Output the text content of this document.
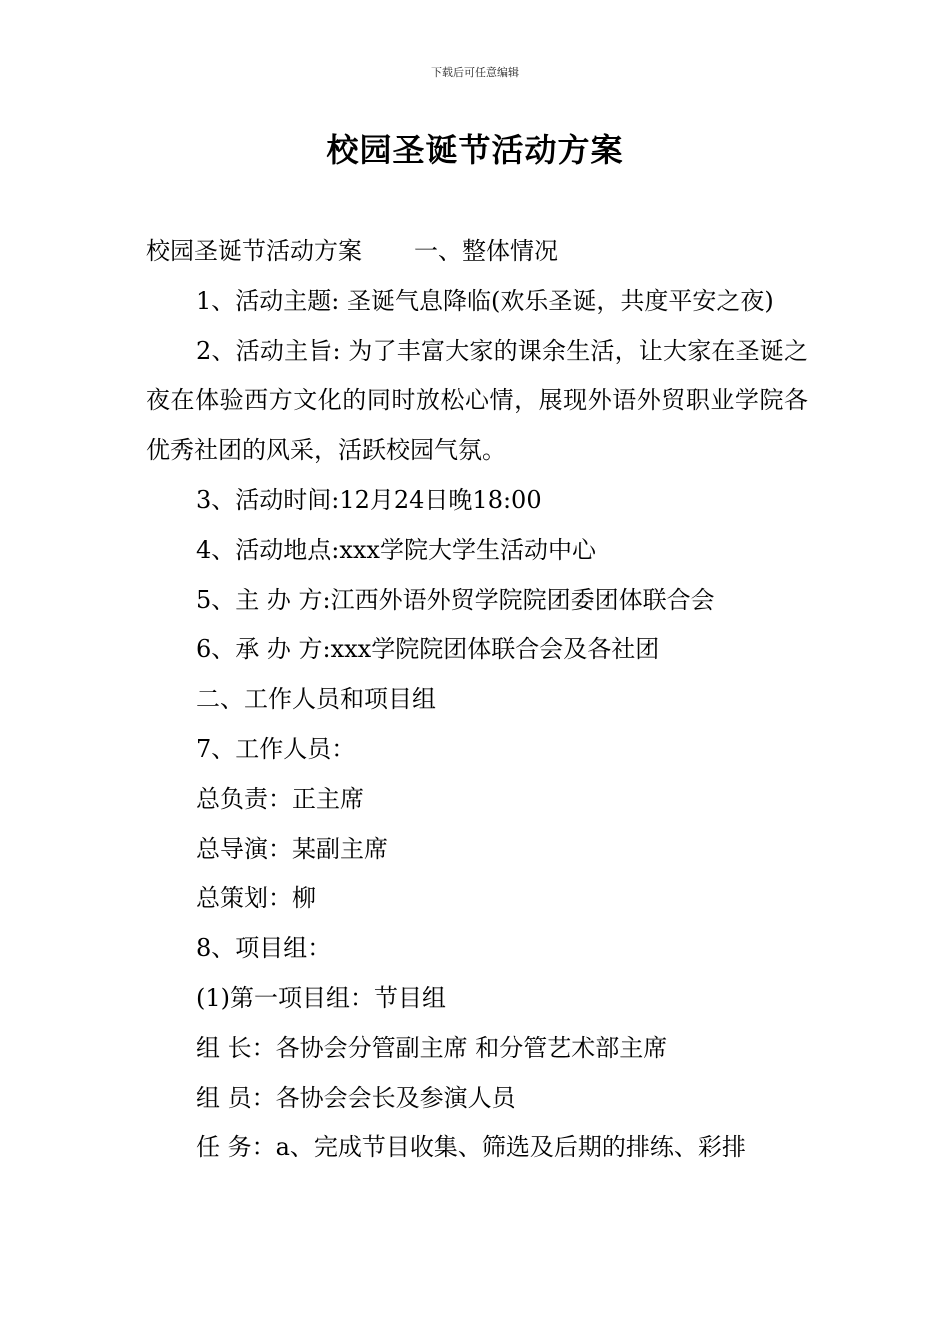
下载后可任意编辑
校园圣诞节活动方案

校园圣诞节活动方案 一、整体情况

1、活动主题: 圣诞气息降临(欢乐圣诞，共度平安之夜)

2、活动主旨: 为了丰富大家的课余生活，让大家在圣诞之夜在体验西方文化的同时放松心情，展现外语外贸职业学院各优秀社团的风采，活跃校园气氛。

3、活动时间:12月24日晚18:00

4、活动地点:xxx学院大学生活动中心

5、主 办 方:江西外语外贸学院院团委团体联合会

6、承 办 方:xxx学院院团体联合会及各社团

二、工作人员和项目组

7、工作人员：

总负责：正主席

总导演：某副主席

总策划：柳

8、项目组：

(1)第一项目组：节目组

组 长：各协会分管副主席 和分管艺术部主席

组 员：各协会会长及参演人员

任 务：a、完成节目收集、筛选及后期的排练、彩排
